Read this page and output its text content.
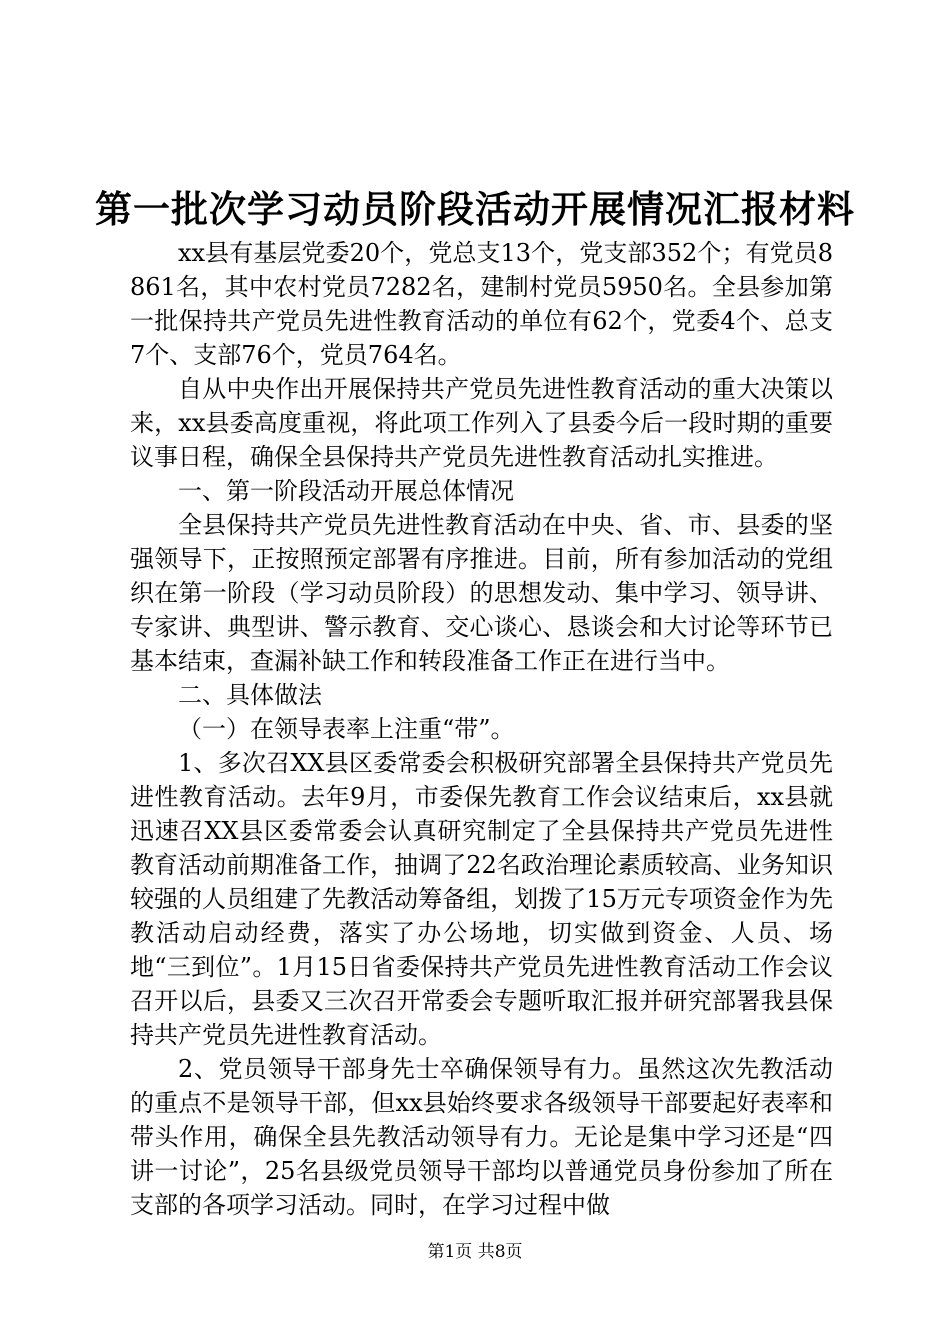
第一批次学习动员阶段活动开展情况汇报材料

xx县有基层党委20个，党总支13个，党支部352个；有党员8861名，其中农村党员7282名，建制村党员5950名。全县参加第一批保持共产党员先进性教育活动的单位有62个，党委4个、总支7个、支部76个，党员764名。

自从中央作出开展保持共产党员先进性教育活动的重大决策以来，xx县委高度重视，将此项工作列入了县委今后一段时期的重要议事日程，确保全县保持共产党员先进性教育活动扎实推进。

一、第一阶段活动开展总体情况

全县保持共产党员先进性教育活动在中央、省、市、县委的坚强领导下，正按照预定部署有序推进。目前，所有参加活动的党组织在第一阶段（学习动员阶段）的思想发动、集中学习、领导讲、专家讲、典型讲、警示教育、交心谈心、恳谈会和大讨论等环节已基本结束，查漏补缺工作和转段准备工作正在进行当中。

二、具体做法

（一）在领导表率上注重“带”。

1、多次召XX县区委常委会积极研究部署全县保持共产党员先进性教育活动。去年9月，市委保先教育工作会议结束后，xx县就迅速召XX县区委常委会认真研究制定了全县保持共产党员先进性教育活动前期准备工作，抽调了22名政治理论素质较高、业务知识较强的人员组建了先教活动筹备组，划拨了15万元专项资金作为先教活动启动经费，落实了办公场地，切实做到资金、人员、场地“三到位”。1月15日省委保持共产党员先进性教育活动工作会议召开以后，县委又三次召开常委会专题听取汇报并研究部署我县保持共产党员先进性教育活动。

2、党员领导干部身先士卒确保领导有力。虽然这次先教活动的重点不是领导干部，但xx县始终要求各级领导干部要起好表率和带头作用，确保全县先教活动领导有力。无论是集中学习还是“四讲一讨论”，25名县级党员领导干部均以普通党员身份参加了所在支部的各项学习活动。同时，在学习过程中做

第1页 共8页
